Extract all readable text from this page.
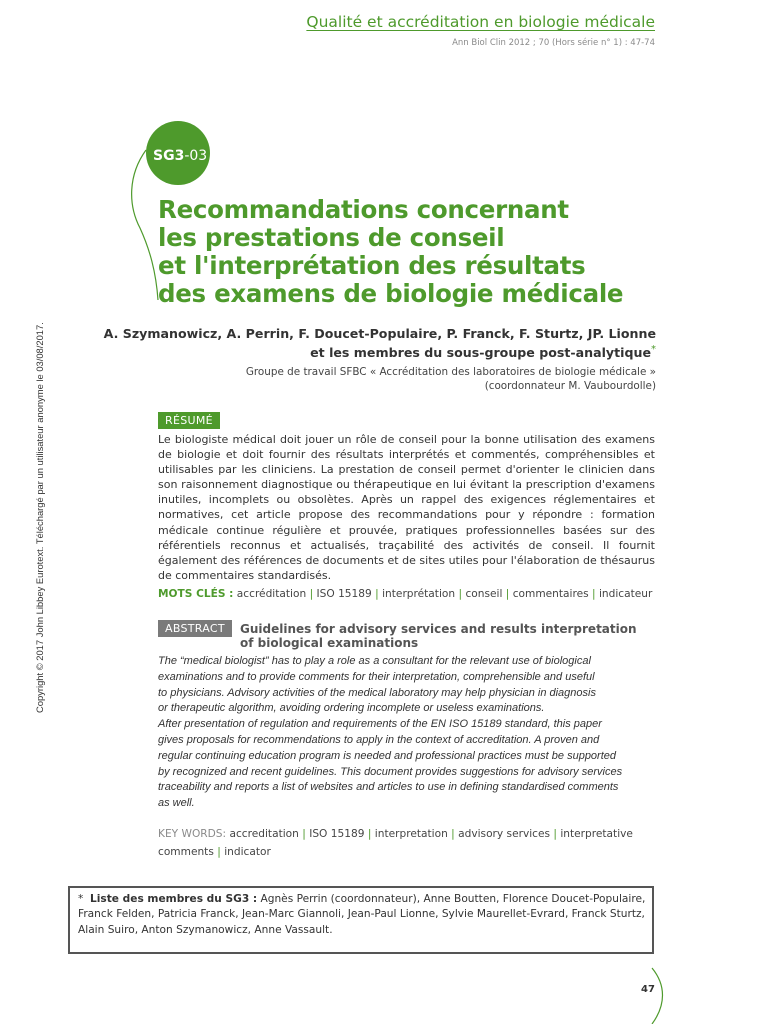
Qualité et accréditation en biologie médicale
Ann Biol Clin 2012 ; 70 (Hors série n° 1) : 47-74
Copyright © 2017 John Libbey Eurotext. Téléchargé par un utilisateur anonyme le 03/08/2017.
SG3-03
Recommandations concernant
les prestations de conseil
et l'interprétation des résultats
des examens de biologie médicale
A. Szymanowicz, A. Perrin, F. Doucet-Populaire, P. Franck, F. Sturtz, JP. Lionne
et les membres du sous-groupe post-analytique*
Groupe de travail SFBC « Accréditation des laboratoires de biologie médicale »
(coordonnateur M. Vaubourdolle)
RÉSUMÉ
Le biologiste médical doit jouer un rôle de conseil pour la bonne utilisation des examens de biologie et doit fournir des résultats interprétés et commentés, compréhensibles et utilisables par les cliniciens. La prestation de conseil permet d'orienter le clinicien dans son raisonnement diagnostique ou thérapeutique en lui évitant la prescription d'examens inutiles, incomplets ou obsolètes. Après un rappel des exigences réglementaires et normatives, cet article propose des recommandations pour y répondre : formation médicale continue régulière et prouvée, pratiques professionnelles basées sur des référentiels reconnus et actualisés, traçabilité des activités de conseil. Il fournit également des références de documents et de sites utiles pour l'élaboration de thésaurus de commentaires standardisés.
MOTS CLÉS : accréditation | ISO 15189 | interprétation | conseil | commentaires | indicateur
ABSTRACT	Guidelines for advisory services and results interpretation
of biological examinations
The “medical biologist” has to play a role as a consultant for the relevant use of biological
examinations and to provide comments for their interpretation, comprehensible and useful
to physicians. Advisory activities of the medical laboratory may help physician in diagnosis
or therapeutic algorithm, avoiding ordering incomplete or useless examinations.
After presentation of regulation and requirements of the EN ISO 15189 standard, this paper
gives proposals for recommendations to apply in the context of accreditation. A proven and
regular continuing education program is needed and professional practices must be supported
by recognized and recent guidelines. This document provides suggestions for advisory services
traceability and reports a list of websites and articles to use in defining standardised comments
as well.
KEY WORDS: accreditation | ISO 15189 | interpretation | advisory services | interpretative comments | indicator
* Liste des membres du SG3 : Agnès Perrin (coordonnateur), Anne Boutten, Florence Doucet-Populaire, Franck Felden, Patricia Franck, Jean-Marc Giannoli, Jean-Paul Lionne, Sylvie Maurellet-Evrard, Franck Sturtz, Alain Suiro, Anton Szymanowicz, Anne Vassault.
47
